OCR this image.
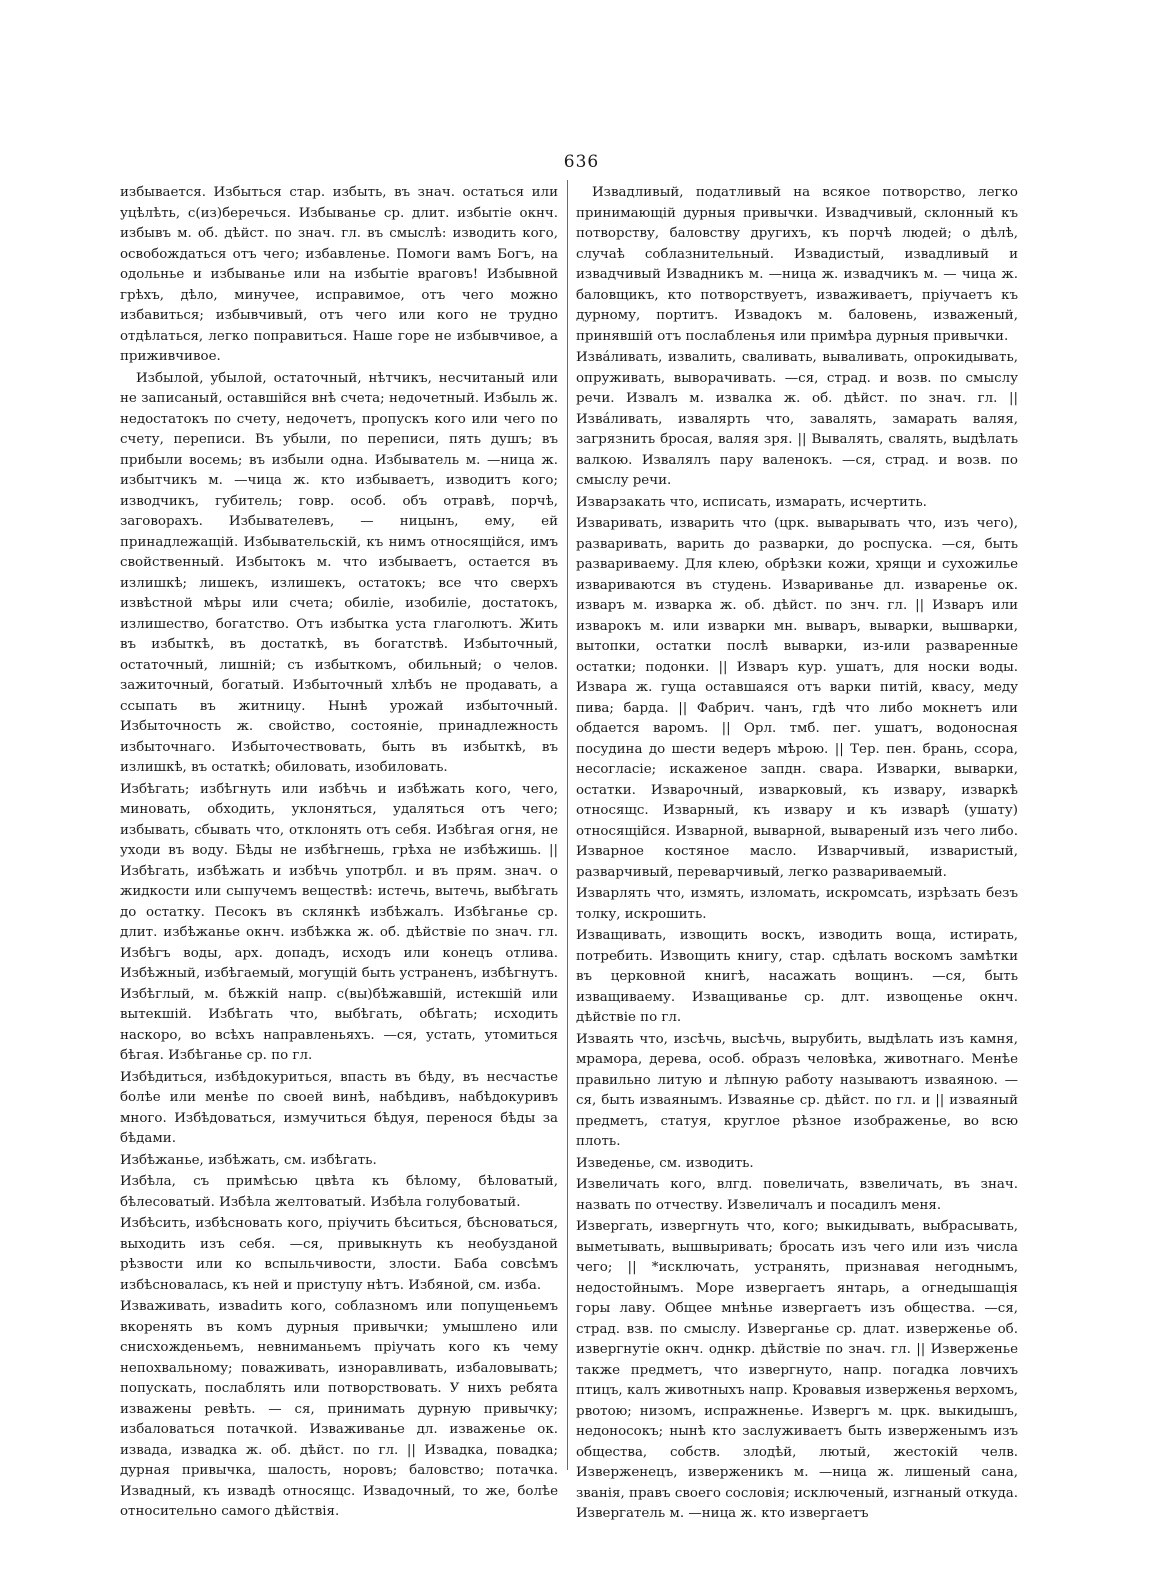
636

избывается. Избыться стар. избыть, въ знач. остаться или уцѣлѣть, с(из)беречься. Избыванье ср. длит. избытіе окнч. избывъ м. об. дѣйст. по знач. гл. въ смыслѣ: изводить кого, освобождаться отъ чего; избавленье. Помоги вамъ Богъ, на одольнье и избыванье или на избытіе враговъ! Избывной грѣхъ, дѣло, минучее, исправимое, отъ чего можно избавиться; избывчивый, отъ чего или кого не трудно отдѣлаться, легко поправиться. Наше горе не избывчивое, а приживчивое.

Избылой, убылой, остаточный, нѣтчикъ, несчитаный или не записаный, оставшійся внѣ счета; недочетный. Избыль ж. недостатокъ по счету, недочетъ, пропускъ кого или чего по счету, переписи. Въ убыли, по переписи, пять душъ; въ прибыли восемь; въ избыли одна. Избыватель м. —ница ж. избытчикъ м. —чица ж. кто избываетъ, изводитъ кого; изводчикъ, губитель; говр. особ. объ отравѣ, порчѣ, заговорахъ. Избывателевъ, — ницынъ, ему, ей принадлежащій. Избывательскій, къ нимъ относящійся, имъ свойственный. Избытокъ м. что избываетъ, остается въ излишкѣ; лишекъ, излишекъ, остатокъ; все что сверхъ извѣстной мѣры или счета; обиліе, изобиліе, достатокъ, излишество, богатство. Отъ избытка уста глаголютъ. Жить въ избыткѣ, въ достаткѣ, въ богатствѣ. Избыточный, остаточный, лишній; съ избыткомъ, обильный; о челов. зажиточный, богатый. Избыточный хлѣбъ не продавать, а ссыпать въ житницу. Нынѣ урожай избыточный. Избыточность ж. свойство, состояніе, принадлежность избыточнаго. Избыточествовать, быть въ избыткѣ, въ излишкѣ, въ остаткѣ; обиловать, изобиловать.

Избѣгать; избѣгнуть или избѣчь и избѣжать кого, чего, миновать, обходить, уклоняться, удаляться отъ чего; избывать, сбывать что, отклонять отъ себя. Избѣгая огня, не уходи въ воду. Бѣды не избѣгнешь, грѣха не избѣжишь. || Избѣгать, избѣжать и избѣчь употрбл. и въ прям. знач. о жидкости или сыпучемъ веществѣ: истечь, вытечь, выбѣгать до остатку. Песокъ въ склянкѣ избѣжалъ. Избѣганье ср. длит. избѣжанье окнч. избѣжка ж. об. дѣйствіе по знач. гл. Избѣгъ воды, арх. допадъ, исходъ или конецъ отлива. Избѣжный, избѣгаемый, могущій быть устраненъ, избѣгнутъ. Избѣглый, м. бѣжкій напр. с(вы)бѣжавшій, истекшій или вытекшій. Избѣгать что, выбѣгать, обѣгать; исходить наскоро, во всѣхъ направленьяхъ. —ся, устать, утомиться бѣгая. Избѣганье ср. по гл.

Избѣдиться, избѣдокуриться, впасть въ бѣду, въ несчастье болѣе или менѣе по своей винѣ, набѣдивъ, набѣдокуривъ много. Избѣдоваться, измучиться бѣдуя, перенося бѣды за бѣдами.

Избѣжанье, избѣжать, см. избѣгать.

Избѣла, съ примѣсью цвѣта къ бѣлому, бѣловатый, бѣлесоватый. Избѣла желтоватый. Избѣла голубоватый.

Избѣсить, избѣсновать кого, пріучить бѣситься, бѣсноваться, выходить изъ себя. —ся, привыкнуть къ необузданой рѣзвости или ко вспыльчивости, злости. Баба совсѣмъ избѣсновалась, къ ней и приступу нѣтъ. Избяной, см. изба.

Изваживать, изваdить кого, соблазномъ или попущеньемъ вкоренять въ комъ дурныя привычки; умышлено или снисхожденьемъ, невниманьемъ пріучать кого къ чему непохвальному; поваживать, изноравливать, избаловывать; попускать, послаблять или потворствовать. У нихъ ребята изважены ревѣть. — ся, принимать дурную привычку; избаловаться потачкой. Изваживанье дл. изваженье ок. извада, извадка ж. об. дѣйст. по гл. || Извадка, повадка; дурная привычка, шалость, норовъ; баловство; потачка. Извадный, къ извадѣ относящс. Извадочный, то же, болѣе относительно самого дѣйствія.

Извадливый, податливый на всякое потворство, легко принимающій дурныя привычки. Извадчивый, склонный къ потворству, баловству другихъ, къ порчѣ людей; о дѣлѣ, случаѣ соблазнительный. Извадистый, извадливый и извадчивый Извадникъ м. —ница ж. извадчикъ м. — чица ж. баловщикъ, кто потворствуетъ, изваживаетъ, пріучаетъ къ дурному, портитъ. Извадокъ м. баловень, изваженый, принявшій отъ послабленья или примѣра дурныя привычки.

Извáливать, извалить, сваливать, вываливать, опрокидывать, опруживать, выворачивать. —ся, страд. и возв. по смыслу речи. Извалъ м. извалка ж. об. дѣйст. по знач. гл. || Извáливать, изваляpть что, завалять, замарать валяя, загрязнить бросая, валяя зря. || Вывалять, свалять, выдѣлать валкою. Извалялъ пару валенокъ. —ся, страд. и возв. по смыслу речи.

Изварзакать что, исписать, измарать, исчертить.

Изваривать, изварить что (црк. выварывать что, изъ чего), разваривать, варить до разварки, до роспуска. —ся, быть развариваему. Для клею, обрѣзки кожи, хрящи и сухожилье извариваются въ студень. Извариванье дл. извареньe ок. изваръ м. изварка ж. об. дѣйст. по знч. гл. || Изваръ или изварокъ м. или изварки мн. вываръ, выварки, вышварки, вытопки, остатки послѣ выварки, из-или разваренные остатки; подонки. || Изваръ кур. ушатъ, для носки воды. Извара ж. гуща оставшаяся отъ варки питій, квасу, меду пива; барда. || Фабрич. чанъ, гдѣ что либо мокнетъ или обдается варомъ. || Орл. тмб. пег. ушатъ, водоносная посудина до шести ведеръ мѣрою. || Тер. пен. брань, ссора, несогласіе; искаженое запдн. свара. Изварки, выварки, остатки. Изварочный, изварковый, къ извару, изваркѣ относящс. Изварный, къ извару и къ изварѣ (ушату) относящійся. Изварной, выварной, вывареный изъ чего либо. Изварное костяное масло. Изварчивый, изваристый, разварчивый, переварчивый, легко развариваемый.

Изварлять что, измять, изломать, искромсать, изрѣзать безъ толку, искрошить.

Изващивать, извощить воскъ, изводить воща, истирать, потребить. Извощить книгу, стар. сдѣлать воскомъ замѣтки въ церковной книгѣ, насажать вощинъ. —ся, быть изващиваему. Изващиванье ср. длт. извощенье окнч. дѣйствіе по гл.

Изваять что, изсѣчь, высѣчь, вырубить, выдѣлать изъ камня, мрамора, дерева, особ. образъ человѣка, животнаго. Менѣе правильно литую и лѣпную работу называютъ изваяною. —ся, быть изваянымъ. Изваянье ср. дѣйст. по гл. и || изваяный предметъ, статуя, круглое рѣзное изображенье, во всю плоть.

Изведенье, см. изводить.

Извеличать кого, влгд. повеличать, взвеличать, въ знач. назвать по отчеству. Извеличалъ и посадилъ меня.

Извергать, извергнуть что, кого; выкидывать, выбрасывать, выметывать, вышвыривать; бросать изъ чего или изъ числа чего; || *исключать, устранять, признавая негоднымъ, недостойнымъ. Море извергаетъ янтарь, а огнедышащія горы лаву. Общее мнѣнье извергаетъ изъ общества. —ся, страд. взв. по смыслу. Извергaнье ср. длат. изверженье об. извергнутіе окнч. однкр. дѣйствіе по знач. гл. || Изверженье также предметъ, что извергнуто, напр. погадка ловчихъ птицъ, калъ животныхъ напр. Кровавыя изверженья верхомъ, рвотою; низомъ, испражненье. Извергъ м. црк. выкидышъ, недоносокъ; нынѣ кто заслуживаетъ быть изверженымъ изъ общества, собств. злодѣй, лютый, жестокій челв. Изверженецъ, изверженикъ м. —ница ж. лишеный сана, званія, правъ своего сословія; исключеный, изгнаный откуда. Извергатель м. —ница ж. кто извергаетъ
